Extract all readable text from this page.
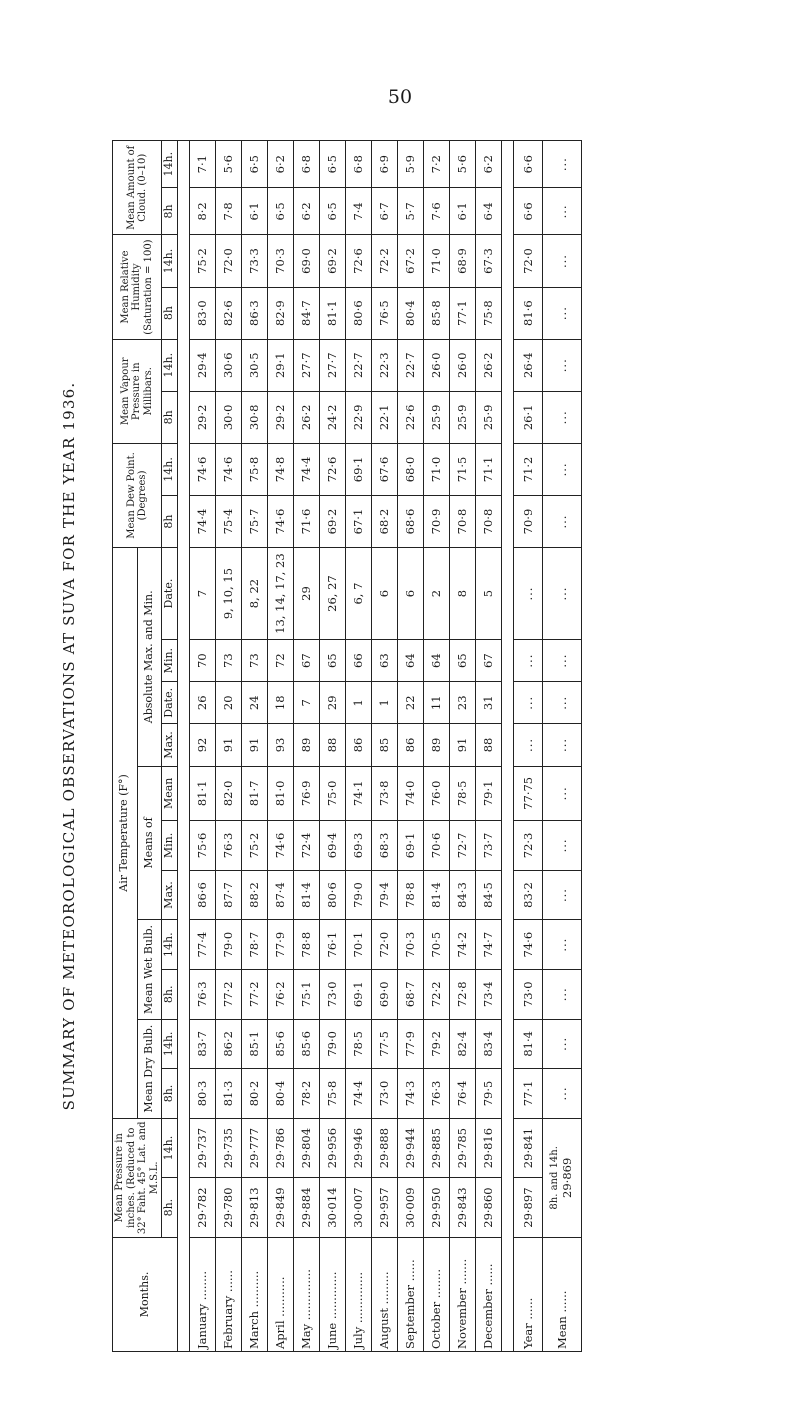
50
SUMMARY OF METEOROLOGICAL OBSERVATIONS AT SUVA FOR THE YEAR 1936.
Months.	Mean Pressure in inches. (Reduced to 32° Faht. 45° Lat. and M.S.L.		Air Temperature (F°)											Mean Dew Point. (Degrees)		Mean Vapour Pressure in Millibars.		Mean Relative Humidity (Saturation = 100)		Mean Amount of Cloud. (0–10)	
			Mean Dry Bulb.		Mean Wet Bulb.		Means of			Absolute Max. and Min.											
	8h.	14h.	8h.	14h.	8h.	14h.	Max.	Min.	Mean	Max.	Date.	Min.	Date.	8h	14h.	8h	14h.	8h	14h.	8h	14h.

January ........	29·782	29·737	80·3	83·7	76·3	77·4	86·6	75·6	81·1	92	26	70	7	74·4	74·6	29·2	29·4	83·0	75·2	8·2	7·1
February ......	29·780	29·735	81·3	86·2	77·2	79·0	87·7	76·3	82·0	91	20	73	9, 10, 15	75·4	74·6	30·0	30·6	82·6	72·0	7·8	5·6
March ..........	29·813	29·777	80·2	85·1	77·2	78·7	88·2	75·2	81·7	91	24	73	8, 22	75·7	75·8	30·8	30·5	86·3	73·3	6·1	6·5
April ...........	29·849	29·786	80·4	85·6	76·2	77·9	87·4	74·6	81·0	93	18	72	13, 14, 17, 23	74·6	74·8	29·2	29·1	82·9	70·3	6·5	6·2
May ..............	29·884	29·804	78·2	85·6	75·1	78·8	81·4	72·4	76·9	89	7	67	29	71·6	74·4	26·2	27·7	84·7	69·0	6·2	6·8
June .............	30·014	29·956	75·8	79·0	73·0	76·1	80·6	69·4	75·0	88	29	65	26, 27	69·2	72·6	24·2	27·7	81·1	69·2	6·5	6·5
July ..............	30·007	29·946	74·4	78·5	69·1	70·1	79·0	69·3	74·1	86	1	66	6, 7	67·1	69·1	22·9	22·7	80·6	72·6	7·4	6·8
August .........	29·957	29·888	73·0	77·5	69·0	72·0	79·4	68·3	73·8	85	1	63	6	68·2	67·6	22·1	22·3	76·5	72·2	6·7	6·9
September ......	30·009	29·944	74·3	77·9	68·7	70·3	78·8	69·1	74·0	86	22	64	6	68·6	68·0	22·6	22·7	80·4	67·2	5·7	5·9
October ........	29·950	29·885	76·3	79·2	72·2	70·5	81·4	70·6	76·0	89	11	64	2	70·9	71·0	25·9	26·0	85·8	71·0	7·6	7·2
November .......	29·843	29·785	76·4	82·4	72·8	74·2	84·3	72·7	78·5	91	23	65	8	70·8	71·5	25·9	26·0	77·1	68·9	6·1	5·6
December ......	29·860	29·816	79·5	83·4	73·4	74·7	84·5	73·7	79·1	88	31	67	5	70·8	71·1	25·9	26·2	75·8	67·3	6·4	6·2

Year ......	29·897	29·841	77·1	81·4	73·0	74·6	83·2	72·3	77·75	...	...	...	...	70·9	71·2	26·1	26·4	81·6	72·0	6·6	6·6
Mean ......	8h. and 14h. 29·869		...	...	...	...	...	...	...	...	...	...	...	...	...	...	...	...	...	...	...
